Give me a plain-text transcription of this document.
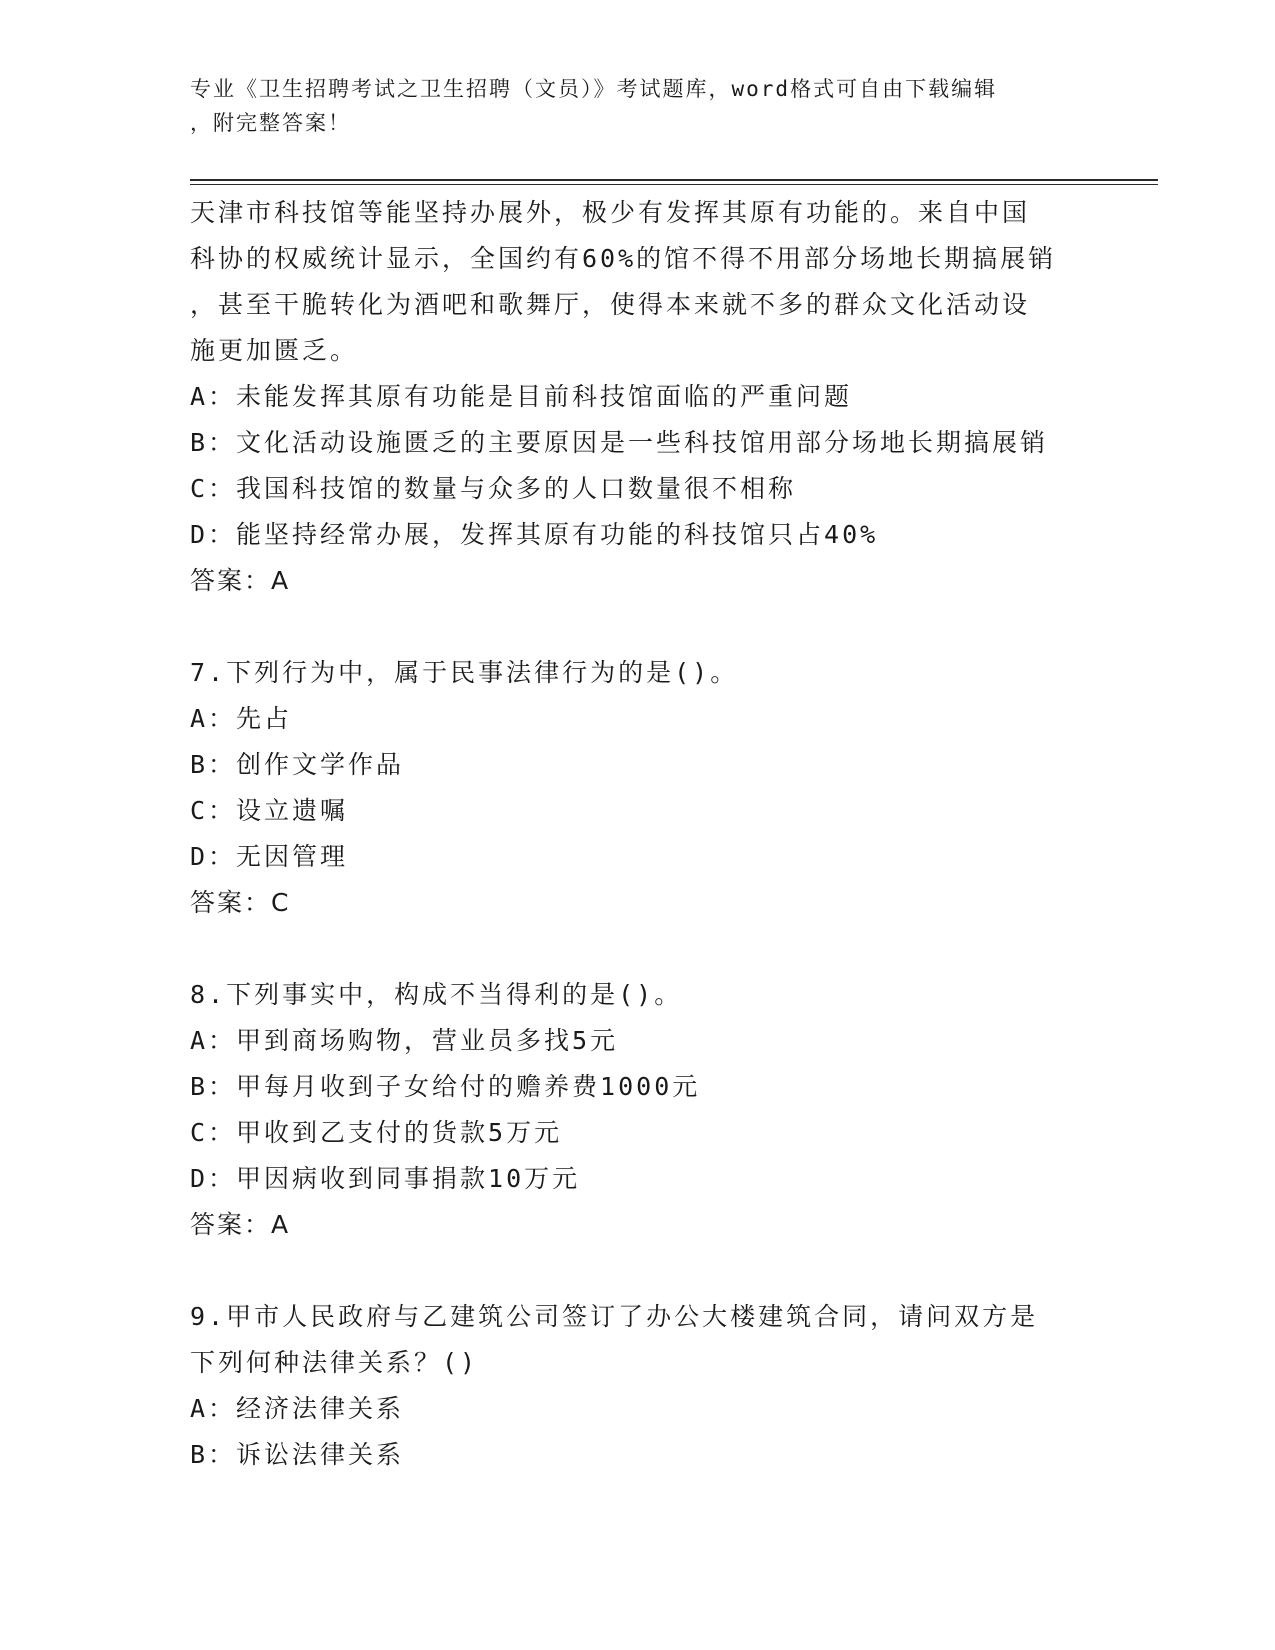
专业《卫生招聘考试之卫生招聘（文员）》考试题库，word格式可自由下载编辑
，附完整答案！
天津市科技馆等能坚持办展外，极少有发挥其原有功能的。来自中国
科协的权威统计显示，全国约有60%的馆不得不用部分场地长期搞展销
，甚至干脆转化为酒吧和歌舞厅，使得本来就不多的群众文化活动设
施更加匮乏。
A：未能发挥其原有功能是目前科技馆面临的严重问题
B：文化活动设施匮乏的主要原因是一些科技馆用部分场地长期搞展销
C：我国科技馆的数量与众多的人口数量很不相称
D：能坚持经常办展，发挥其原有功能的科技馆只占40%
答案：A
7.下列行为中，属于民事法律行为的是()。
A：先占
B：创作文学作品
C：设立遗嘱
D：无因管理
答案：C
8.下列事实中，构成不当得利的是()。
A：甲到商场购物，营业员多找5元
B：甲每月收到子女给付的赡养费1000元
C：甲收到乙支付的货款5万元
D：甲因病收到同事捐款10万元
答案：A
9.甲市人民政府与乙建筑公司签订了办公大楼建筑合同，请问双方是
下列何种法律关系？()
A：经济法律关系
B：诉讼法律关系
